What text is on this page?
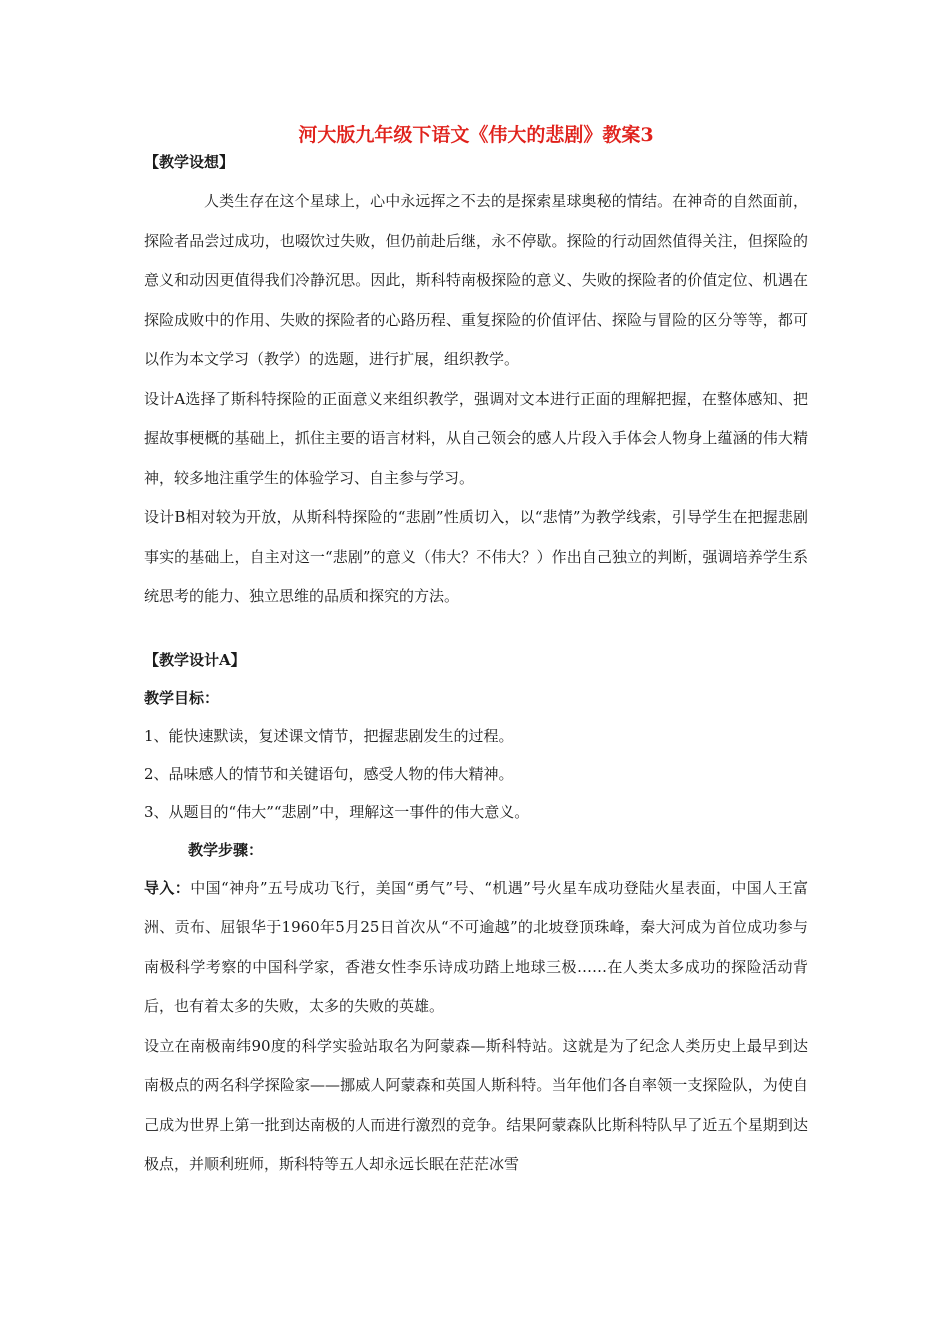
河大版九年级下语文《伟大的悲剧》教案3

【教学设想】

人类生存在这个星球上，心中永远挥之不去的是探索星球奥秘的情结。在神奇的自然面前，探险者品尝过成功，也啜饮过失败，但仍前赴后继，永不停歇。探险的行动固然值得关注，但探险的意义和动因更值得我们冷静沉思。因此，斯科特南极探险的意义、失败的探险者的价值定位、机遇在探险成败中的作用、失败的探险者的心路历程、重复探险的价值评估、探险与冒险的区分等等，都可以作为本文学习（教学）的选题，进行扩展，组织教学。

设计A选择了斯科特探险的正面意义来组织教学，强调对文本进行正面的理解把握，在整体感知、把握故事梗概的基础上，抓住主要的语言材料，从自己领会的感人片段入手体会人物身上蕴涵的伟大精神，较多地注重学生的体验学习、自主参与学习。

设计B相对较为开放，从斯科特探险的“悲剧”性质切入，以“悲情”为教学线索，引导学生在把握悲剧事实的基础上，自主对这一“悲剧”的意义（伟大？不伟大？）作出自己独立的判断，强调培养学生系统思考的能力、独立思维的品质和探究的方法。

【教学设计A】

教学目标：

1、能快速默读，复述课文情节，把握悲剧发生的过程。

2、品味感人的情节和关键语句，感受人物的伟大精神。

3、从题目的“伟大”“悲剧”中，理解这一事件的伟大意义。

教学步骤：

导入：中国“神舟”五号成功飞行，美国“勇气”号、“机遇”号火星车成功登陆火星表面，中国人王富洲、贡布、屈银华于1960年5月25日首次从“不可逾越”的北坡登顶珠峰，秦大河成为首位成功参与南极科学考察的中国科学家，香港女性李乐诗成功踏上地球三极……在人类太多成功的探险活动背后，也有着太多的失败，太多的失败的英雄。

设立在南极南纬90度的科学实验站取名为阿蒙森—斯科特站。这就是为了纪念人类历史上最早到达南极点的两名科学探险家——挪威人阿蒙森和英国人斯科特。当年他们各自率领一支探险队，为使自己成为世界上第一批到达南极的人而进行激烈的竞争。结果阿蒙森队比斯科特队早了近五个星期到达极点，并顺利班师，斯科特等五人却永远长眠在茫茫冰雪
